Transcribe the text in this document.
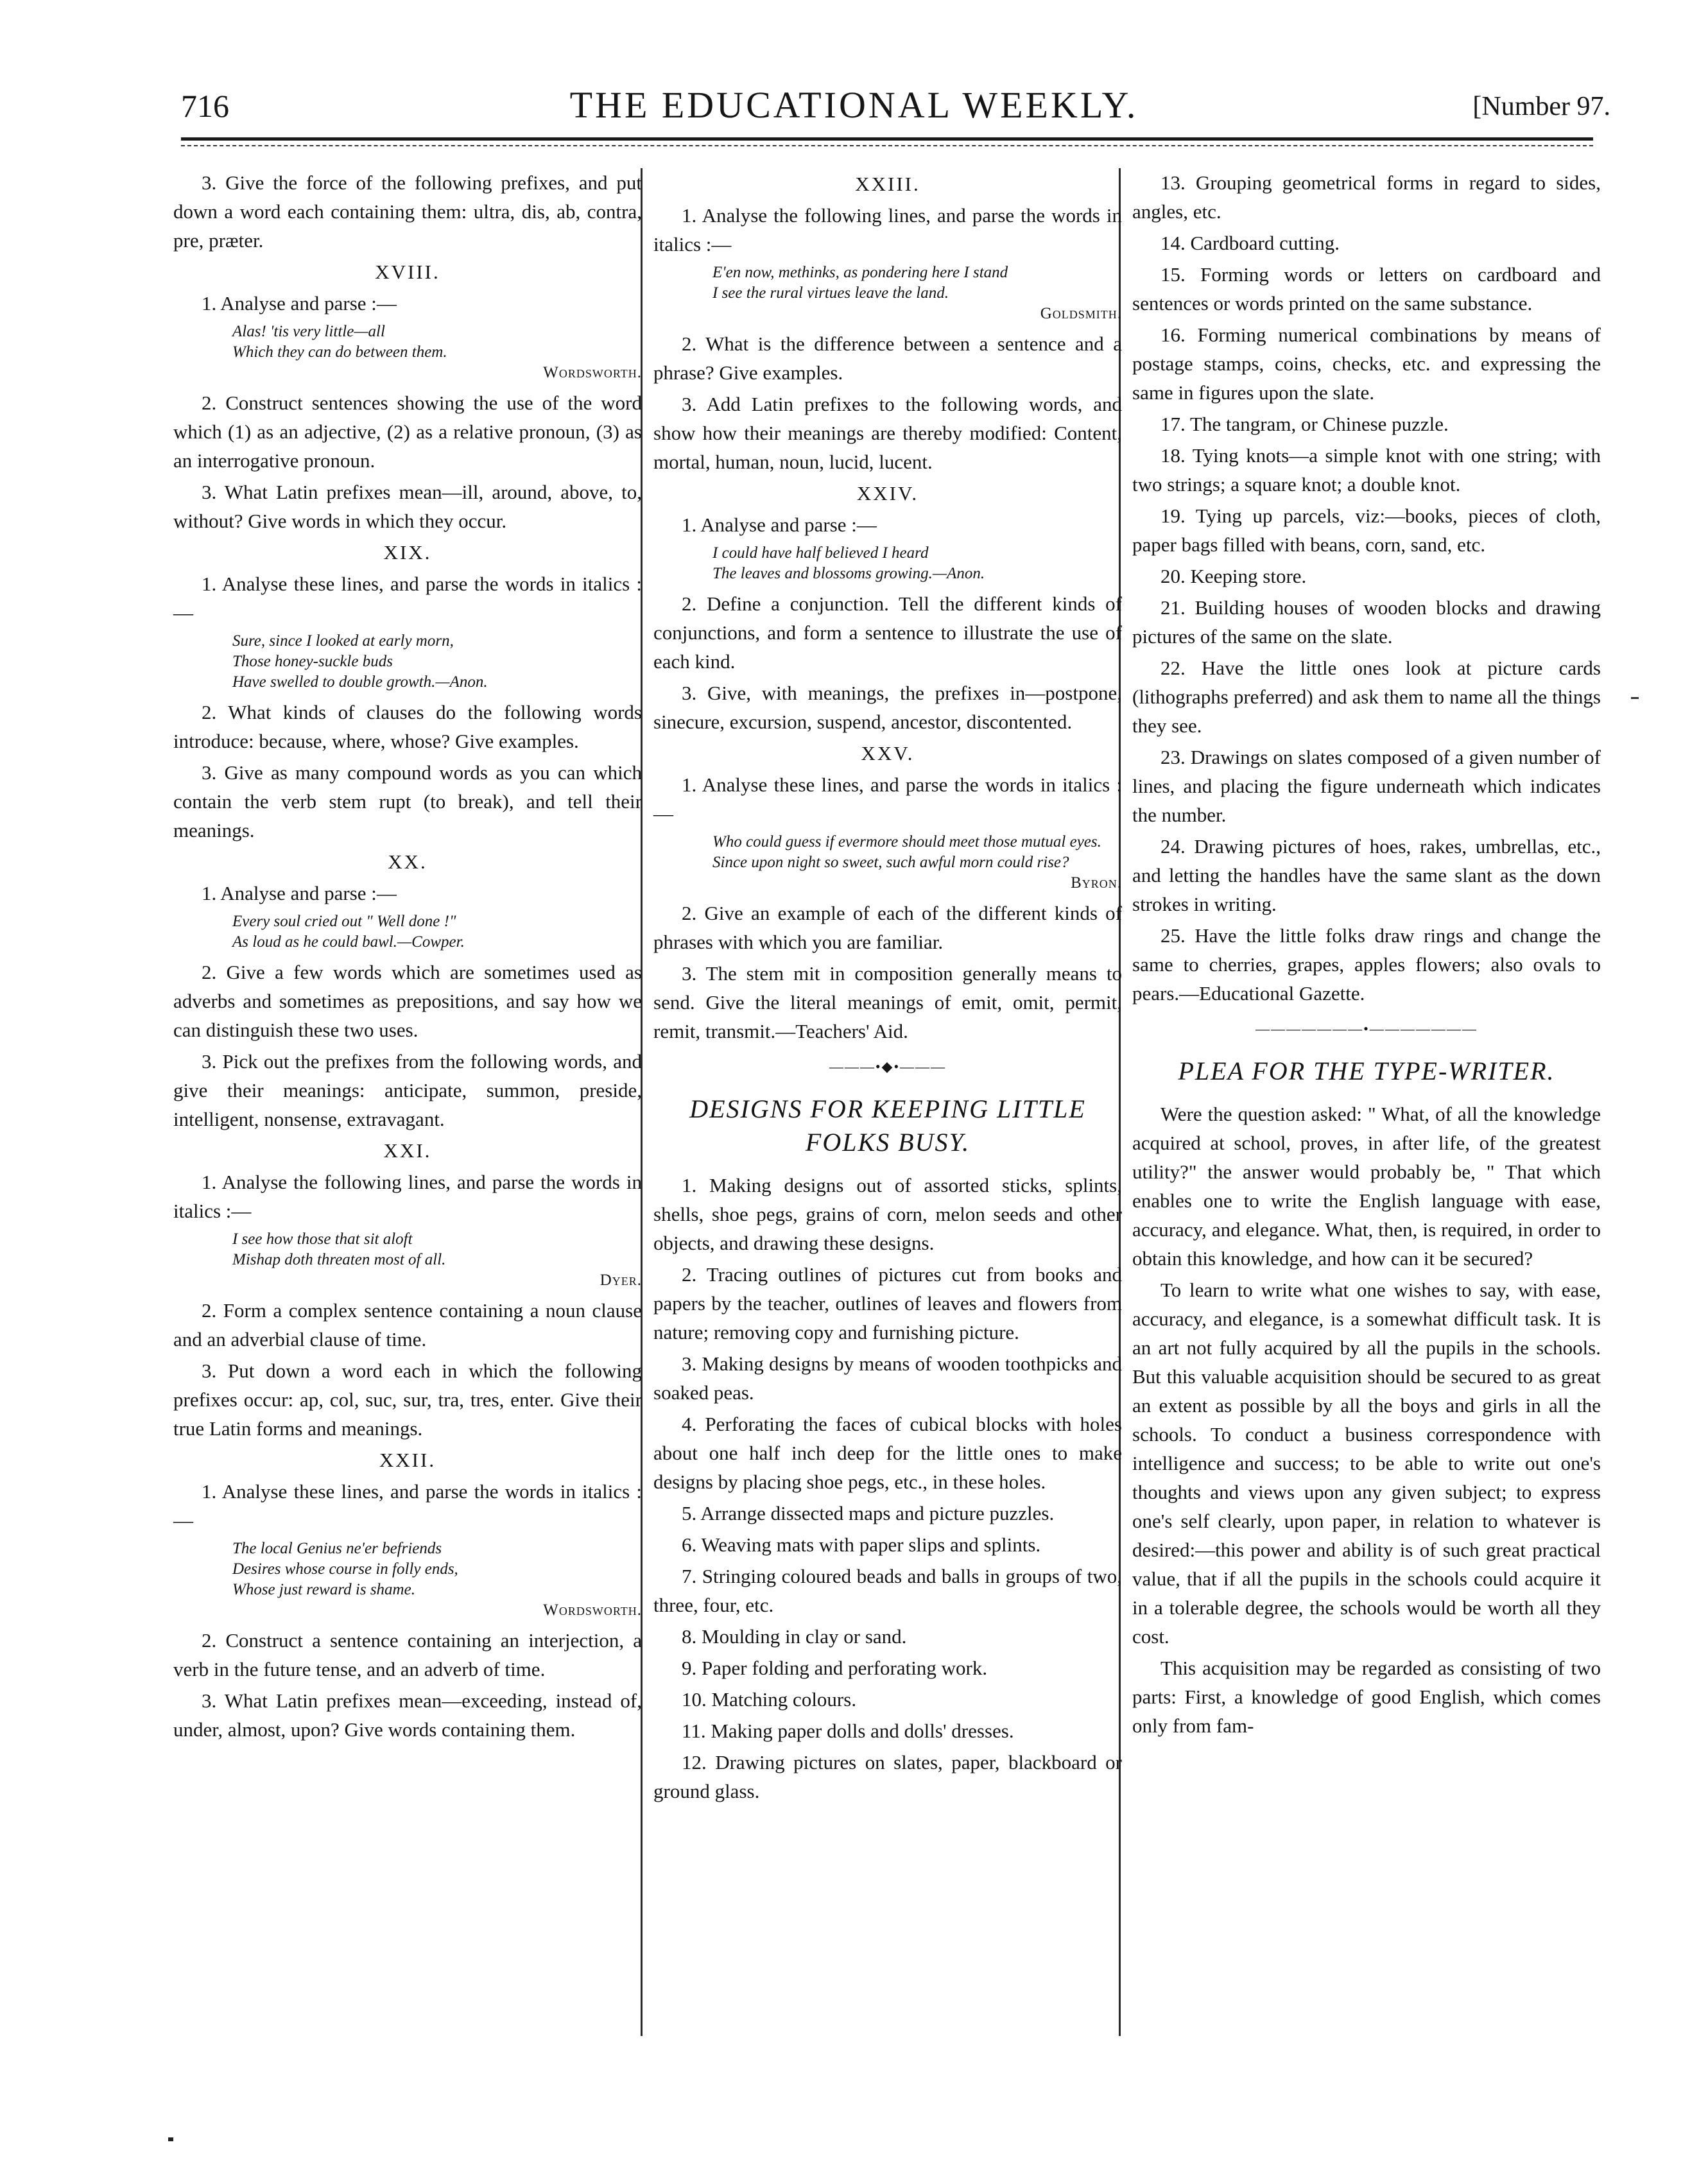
716	THE EDUCATIONAL WEEKLY.	[Number 97.

3. Give the force of the following prefixes, and put down a word each containing them: ultra, dis, ab, contra, pre, præter.

XVIII.

1. Analyse and parse :—

Alas! 'tis very little—all
Which they can do between them.
Wordsworth.

2. Construct sentences showing the use of the word which (1) as an adjective, (2) as a relative pronoun, (3) as an interrogative pronoun.

3. What Latin prefixes mean—ill, around, above, to, without? Give words in which they occur.

XIX.

1. Analyse these lines, and parse the words in italics :—

Sure, since I looked at early morn,
Those honey-suckle buds
Have swelled to double growth.—Anon.

2. What kinds of clauses do the following words introduce: because, where, whose? Give examples.

3. Give as many compound words as you can which contain the verb stem rupt (to break), and tell their meanings.

XX.

1. Analyse and parse :—

Every soul cried out " Well done !"
As loud as he could bawl.—Cowper.

2. Give a few words which are sometimes used as adverbs and sometimes as prepositions, and say how we can distinguish these two uses.

3. Pick out the prefixes from the following words, and give their meanings: anticipate, summon, preside, intelligent, nonsense, extravagant.

XXI.

1. Analyse the following lines, and parse the words in italics :—

I see how those that sit aloft
Mishap doth threaten most of all.
Dyer.

2. Form a complex sentence containing a noun clause and an adverbial clause of time.

3. Put down a word each in which the following prefixes occur: ap, col, suc, sur, tra, tres, enter. Give their true Latin forms and meanings.

XXII.

1. Analyse these lines, and parse the words in italics :—

The local Genius ne'er befriends
Desires whose course in folly ends,
Whose just reward is shame.
Wordsworth.

2. Construct a sentence containing an interjection, a verb in the future tense, and an adverb of time.

3. What Latin prefixes mean—exceeding, instead of, under, almost, upon? Give words containing them.

XXIII.

1. Analyse the following lines, and parse the words in italics :—

E'en now, methinks, as pondering here I stand
I see the rural virtues leave the land.
Goldsmith.

2. What is the difference between a sentence and a phrase? Give examples.

3. Add Latin prefixes to the following words, and show how their meanings are thereby modified: Content, mortal, human, noun, lucid, lucent.

XXIV.

1. Analyse and parse :—

I could have half believed I heard
The leaves and blossoms growing.—Anon.

2. Define a conjunction. Tell the different kinds of conjunctions, and form a sentence to illustrate the use of each kind.

3. Give, with meanings, the prefixes in—postpone, sinecure, excursion, suspend, ancestor, discontented.

XXV.

1. Analyse these lines, and parse the words in italics :—

Who could guess if evermore should meet those mutual eyes.
Since upon night so sweet, such awful morn could rise?
Byron.

2. Give an example of each of the different kinds of phrases with which you are familiar.

3. The stem mit in composition generally means to send. Give the literal meanings of emit, omit, permit, remit, transmit.—Teachers' Aid.

———•◆•———
DESIGNS FOR KEEPING LITTLE FOLKS BUSY.

1. Making designs out of assorted sticks, splints, shells, shoe pegs, grains of corn, melon seeds and other objects, and drawing these designs.

2. Tracing outlines of pictures cut from books and papers by the teacher, outlines of leaves and flowers from nature; removing copy and furnishing picture.

3. Making designs by means of wooden toothpicks and soaked peas.

4. Perforating the faces of cubical blocks with holes about one half inch deep for the little ones to make designs by placing shoe pegs, etc., in these holes.

5. Arrange dissected maps and picture puzzles.

6. Weaving mats with paper slips and splints.

7. Stringing coloured beads and balls in groups of two, three, four, etc.

8. Moulding in clay or sand.

9. Paper folding and perforating work.

10. Matching colours.

11. Making paper dolls and dolls' dresses.

12. Drawing pictures on slates, paper, blackboard or ground glass.

13. Grouping geometrical forms in regard to sides, angles, etc.

14. Cardboard cutting.

15. Forming words or letters on cardboard and sentences or words printed on the same substance.

16. Forming numerical combinations by means of postage stamps, coins, checks, etc. and expressing the same in figures upon the slate.

17. The tangram, or Chinese puzzle.

18. Tying knots—a simple knot with one string; with two strings; a square knot; a double knot.

19. Tying up parcels, viz:—books, pieces of cloth, paper bags filled with beans, corn, sand, etc.

20. Keeping store.

21. Building houses of wooden blocks and drawing pictures of the same on the slate.

22. Have the little ones look at picture cards (lithographs preferred) and ask them to name all the things they see.

23. Drawings on slates composed of a given number of lines, and placing the figure underneath which indicates the number.

24. Drawing pictures of hoes, rakes, umbrellas, etc., and letting the handles have the same slant as the down strokes in writing.

25. Have the little folks draw rings and change the same to cherries, grapes, apples flowers; also ovals to pears.—Educational Gazette.

———————•———————
PLEA FOR THE TYPE-WRITER.

Were the question asked: " What, of all the knowledge acquired at school, proves, in after life, of the greatest utility?" the answer would probably be, " That which enables one to write the English language with ease, accuracy, and elegance. What, then, is required, in order to obtain this knowledge, and how can it be secured?

To learn to write what one wishes to say, with ease, accuracy, and elegance, is a somewhat difficult task. It is an art not fully acquired by all the pupils in the schools. But this valuable acquisition should be secured to as great an extent as possible by all the boys and girls in all the schools. To conduct a business correspondence with intelligence and success; to be able to write out one's thoughts and views upon any given subject; to express one's self clearly, upon paper, in relation to whatever is desired:—this power and ability is of such great practical value, that if all the pupils in the schools could acquire it in a tolerable degree, the schools would be worth all they cost.

This acquisition may be regarded as consisting of two parts: First, a knowledge of good English, which comes only from fam-
